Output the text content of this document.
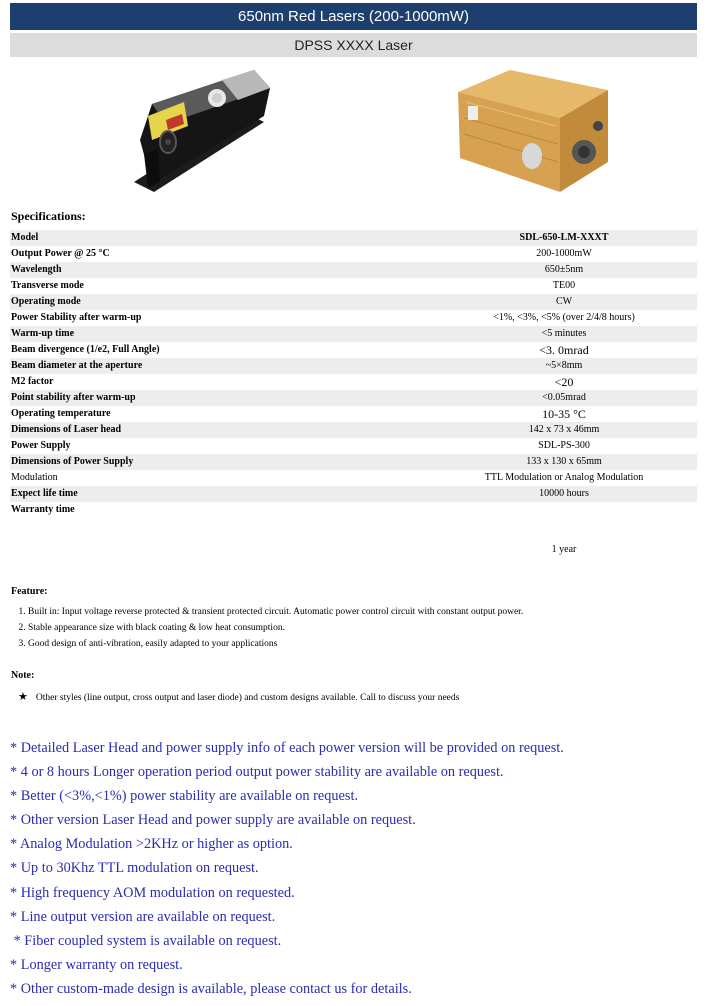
650nm Red Lasers (200-1000mW)
DPSS XXXX Laser
Specifications:
Model	SDL-650-LM-XXXT
Output Power @ 25 °C	200-1000mW
Wavelength	650±5nm
Transverse mode	TE00
Operating mode	CW
Power Stability after warm-up	<1%, <3%, <5% (over 2/4/8 hours)
Warm-up time	<5 minutes
Beam divergence (1/e2, Full Angle)	<3. 0mrad
Beam diameter at the aperture	~5×8mm
M2 factor	<20
Point stability after warm-up	<0.05mrad
Operating temperature	10-35 °C
Dimensions of Laser head	142 x 73 x 46mm
Power Supply	SDL-PS-300
Dimensions of Power Supply	133 x 130 x 65mm
Modulation	TTL Modulation or Analog Modulation
Expect life time	10000 hours
Warranty time	1 year
Feature:
1. Built in: Input voltage reverse protected & transient protected circuit. Automatic power control circuit with constant output power.
2. Stable appearance size with black coating & low heat consumption.
3. Good design of anti-vibration, easily adapted to your applications
Note:
★ Other styles (line output, cross output and laser diode) and custom designs available. Call to discuss your needs
* Detailed Laser Head and power supply info of each power version will be provided on request.
* 4 or 8 hours Longer operation period output power stability are available on request.
* Better (<3%,<1%) power stability are available on request.
* Other version Laser Head and power supply are available on request.
* Analog Modulation >2KHz or higher as option.
* Up to 30Khz TTL modulation on request.
* High frequency AOM modulation on requested.
* Line output version are available on request.
* Fiber coupled system is available on request.
* Longer warranty on request.
* Other custom-made design is available, please contact us for details.
